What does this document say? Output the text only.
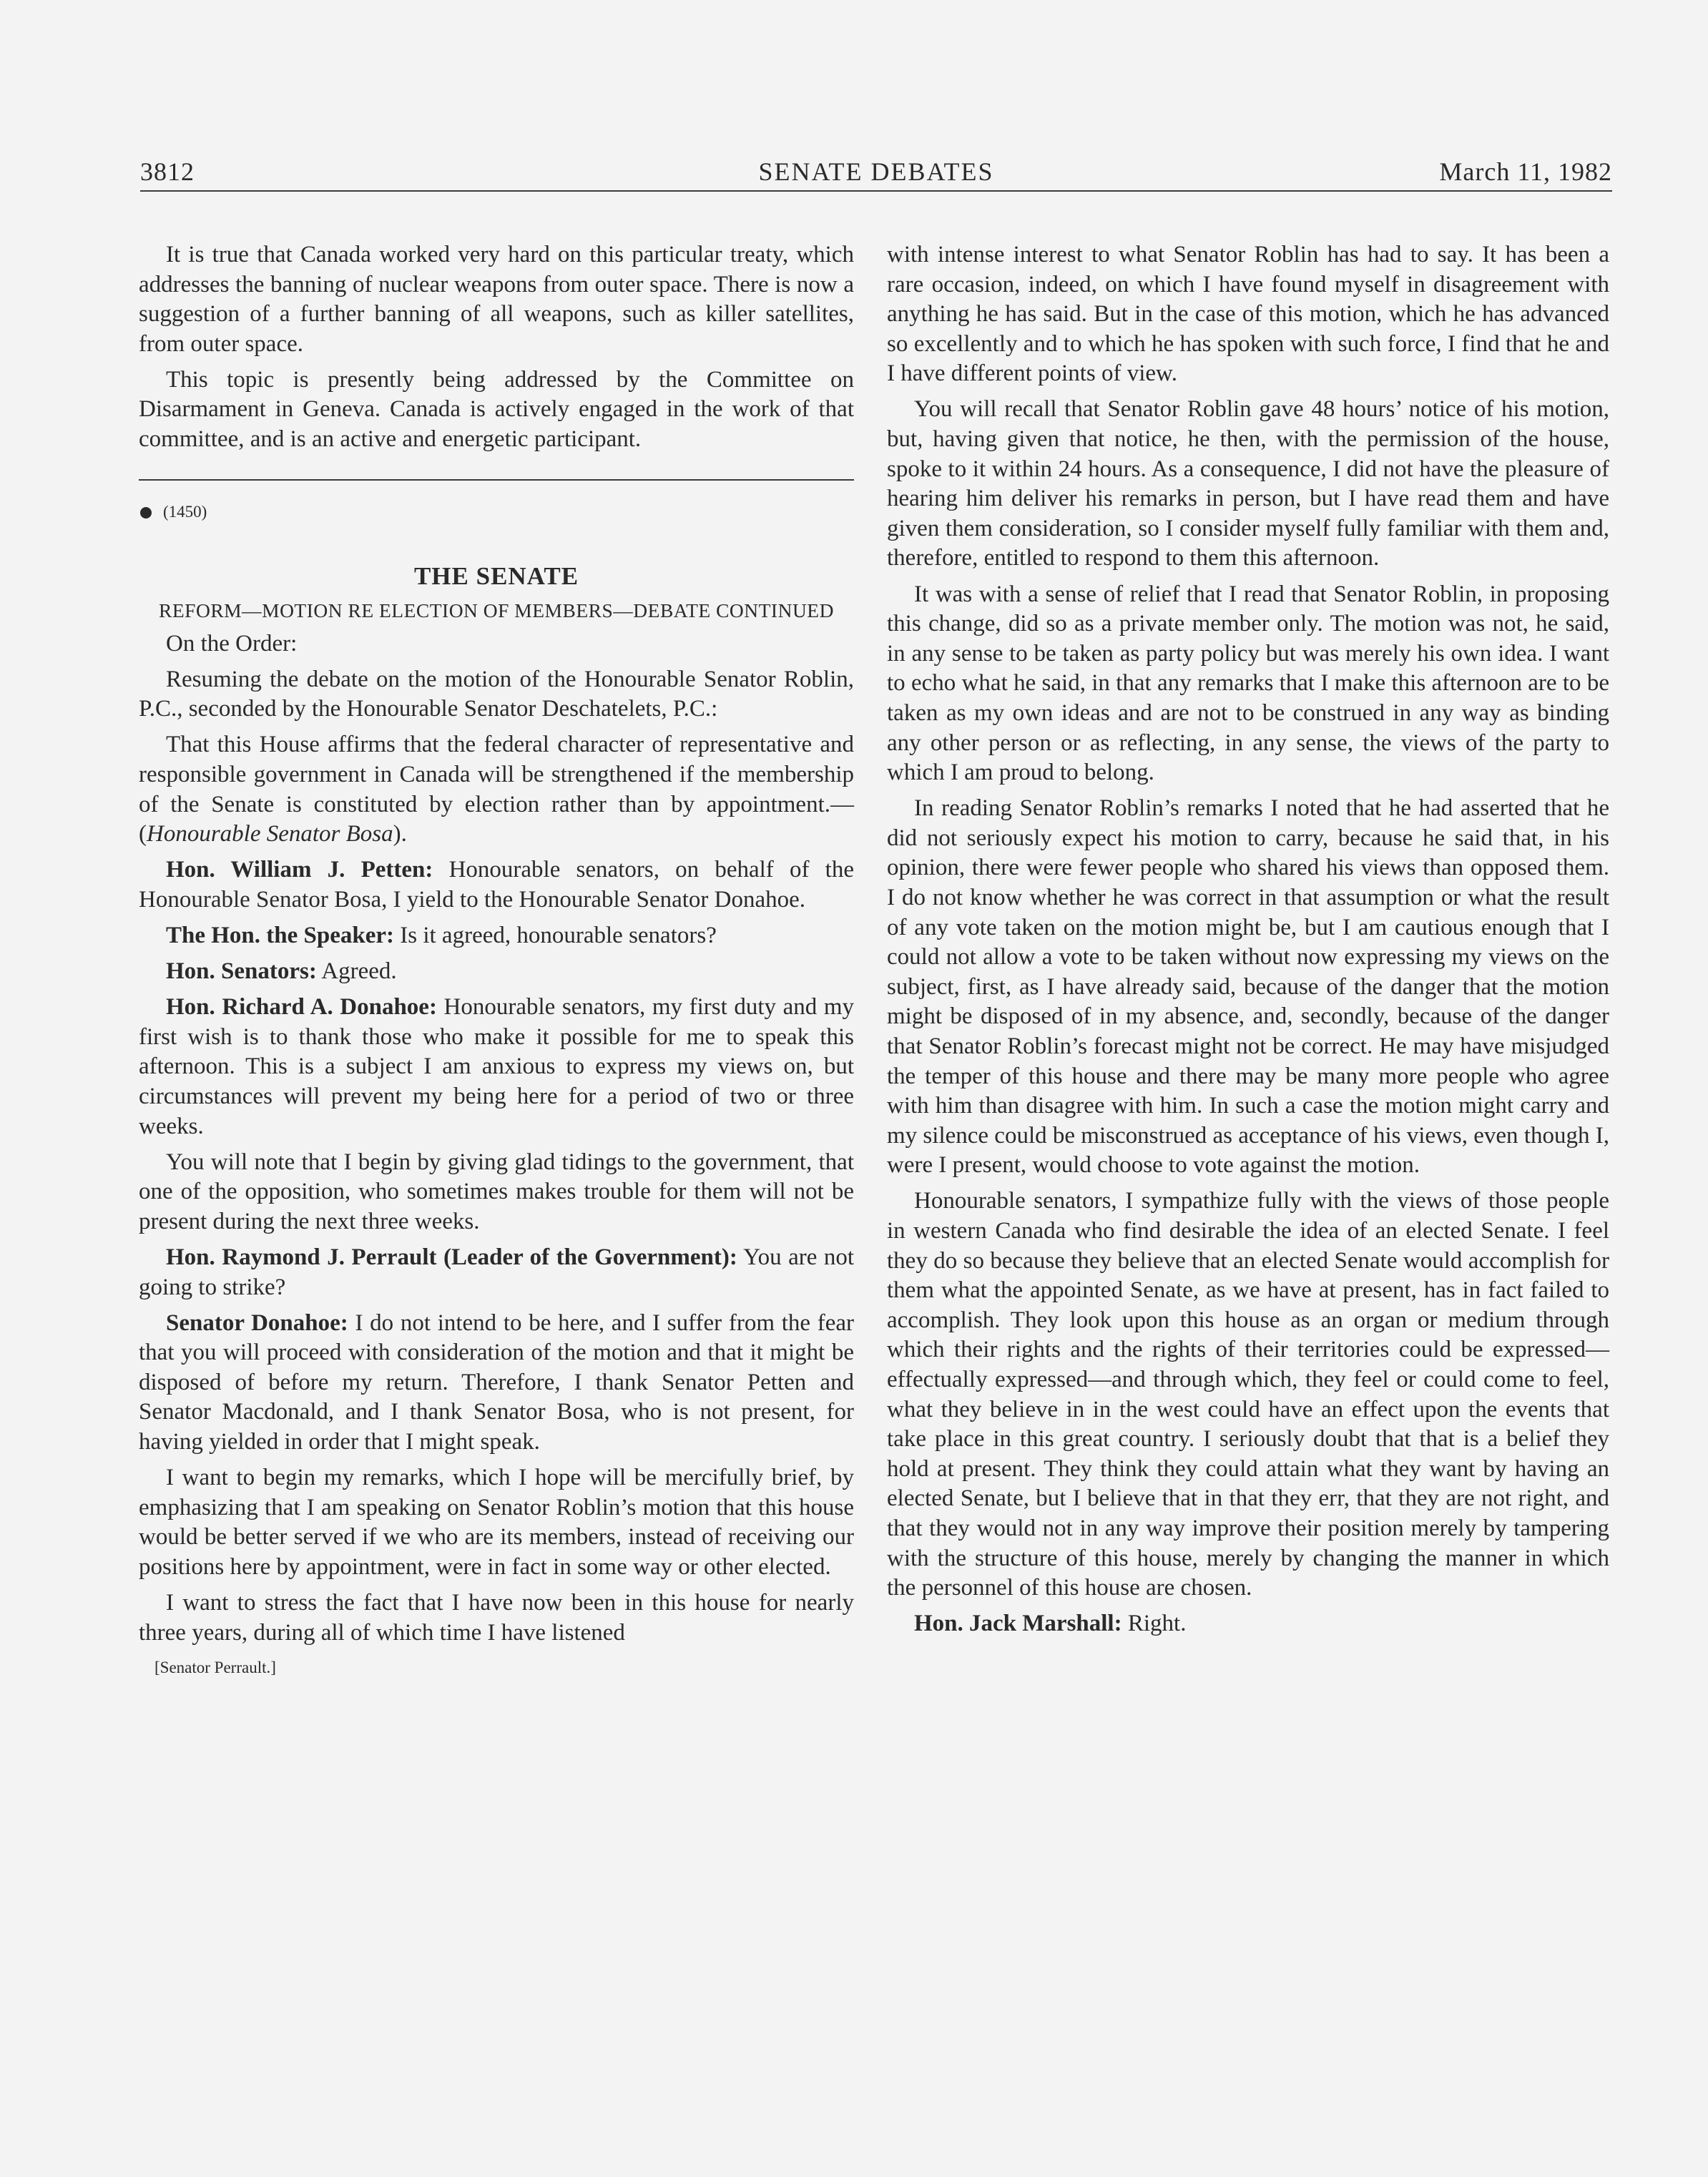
3812	SENATE DEBATES	March 11, 1982

It is true that Canada worked very hard on this particular treaty, which addresses the banning of nuclear weapons from outer space. There is now a suggestion of a further banning of all weapons, such as killer satellites, from outer space.

This topic is presently being addressed by the Committee on Disarmament in Geneva. Canada is actively engaged in the work of that committee, and is an active and energetic participant.

(1450)
THE SENATE
REFORM—MOTION RE ELECTION OF MEMBERS—DEBATE CONTINUED

On the Order:

Resuming the debate on the motion of the Honourable Senator Roblin, P.C., seconded by the Honourable Senator Deschatelets, P.C.:

That this House affirms that the federal character of representative and responsible government in Canada will be strengthened if the membership of the Senate is constituted by election rather than by appointment.—(Honourable Senator Bosa).

Hon. William J. Petten: Honourable senators, on behalf of the Honourable Senator Bosa, I yield to the Honourable Senator Donahoe.

The Hon. the Speaker: Is it agreed, honourable senators?

Hon. Senators: Agreed.

Hon. Richard A. Donahoe: Honourable senators, my first duty and my first wish is to thank those who make it possible for me to speak this afternoon. This is a subject I am anxious to express my views on, but circumstances will prevent my being here for a period of two or three weeks.

You will note that I begin by giving glad tidings to the government, that one of the opposition, who sometimes makes trouble for them will not be present during the next three weeks.

Hon. Raymond J. Perrault (Leader of the Government): You are not going to strike?

Senator Donahoe: I do not intend to be here, and I suffer from the fear that you will proceed with consideration of the motion and that it might be disposed of before my return. Therefore, I thank Senator Petten and Senator Macdonald, and I thank Senator Bosa, who is not present, for having yielded in order that I might speak.

I want to begin my remarks, which I hope will be mercifully brief, by emphasizing that I am speaking on Senator Roblin’s motion that this house would be better served if we who are its members, instead of receiving our positions here by appointment, were in fact in some way or other elected.

I want to stress the fact that I have now been in this house for nearly three years, during all of which time I have listened

[Senator Perrault.]

with intense interest to what Senator Roblin has had to say. It has been a rare occasion, indeed, on which I have found myself in disagreement with anything he has said. But in the case of this motion, which he has advanced so excellently and to which he has spoken with such force, I find that he and I have different points of view.

You will recall that Senator Roblin gave 48 hours’ notice of his motion, but, having given that notice, he then, with the permission of the house, spoke to it within 24 hours. As a consequence, I did not have the pleasure of hearing him deliver his remarks in person, but I have read them and have given them consideration, so I consider myself fully familiar with them and, therefore, entitled to respond to them this afternoon.

It was with a sense of relief that I read that Senator Roblin, in proposing this change, did so as a private member only. The motion was not, he said, in any sense to be taken as party policy but was merely his own idea. I want to echo what he said, in that any remarks that I make this afternoon are to be taken as my own ideas and are not to be construed in any way as binding any other person or as reflecting, in any sense, the views of the party to which I am proud to belong.

In reading Senator Roblin’s remarks I noted that he had asserted that he did not seriously expect his motion to carry, because he said that, in his opinion, there were fewer people who shared his views than opposed them. I do not know whether he was correct in that assumption or what the result of any vote taken on the motion might be, but I am cautious enough that I could not allow a vote to be taken without now expressing my views on the subject, first, as I have already said, because of the danger that the motion might be disposed of in my absence, and, secondly, because of the danger that Senator Roblin’s forecast might not be correct. He may have misjudged the temper of this house and there may be many more people who agree with him than disagree with him. In such a case the motion might carry and my silence could be misconstrued as acceptance of his views, even though I, were I present, would choose to vote against the motion.

Honourable senators, I sympathize fully with the views of those people in western Canada who find desirable the idea of an elected Senate. I feel they do so because they believe that an elected Senate would accomplish for them what the appointed Senate, as we have at present, has in fact failed to accomplish. They look upon this house as an organ or medium through which their rights and the rights of their territories could be expressed—effectually expressed—and through which, they feel or could come to feel, what they believe in in the west could have an effect upon the events that take place in this great country. I seriously doubt that that is a belief they hold at present. They think they could attain what they want by having an elected Senate, but I believe that in that they err, that they are not right, and that they would not in any way improve their position merely by tampering with the structure of this house, merely by changing the manner in which the personnel of this house are chosen.

Hon. Jack Marshall: Right.
